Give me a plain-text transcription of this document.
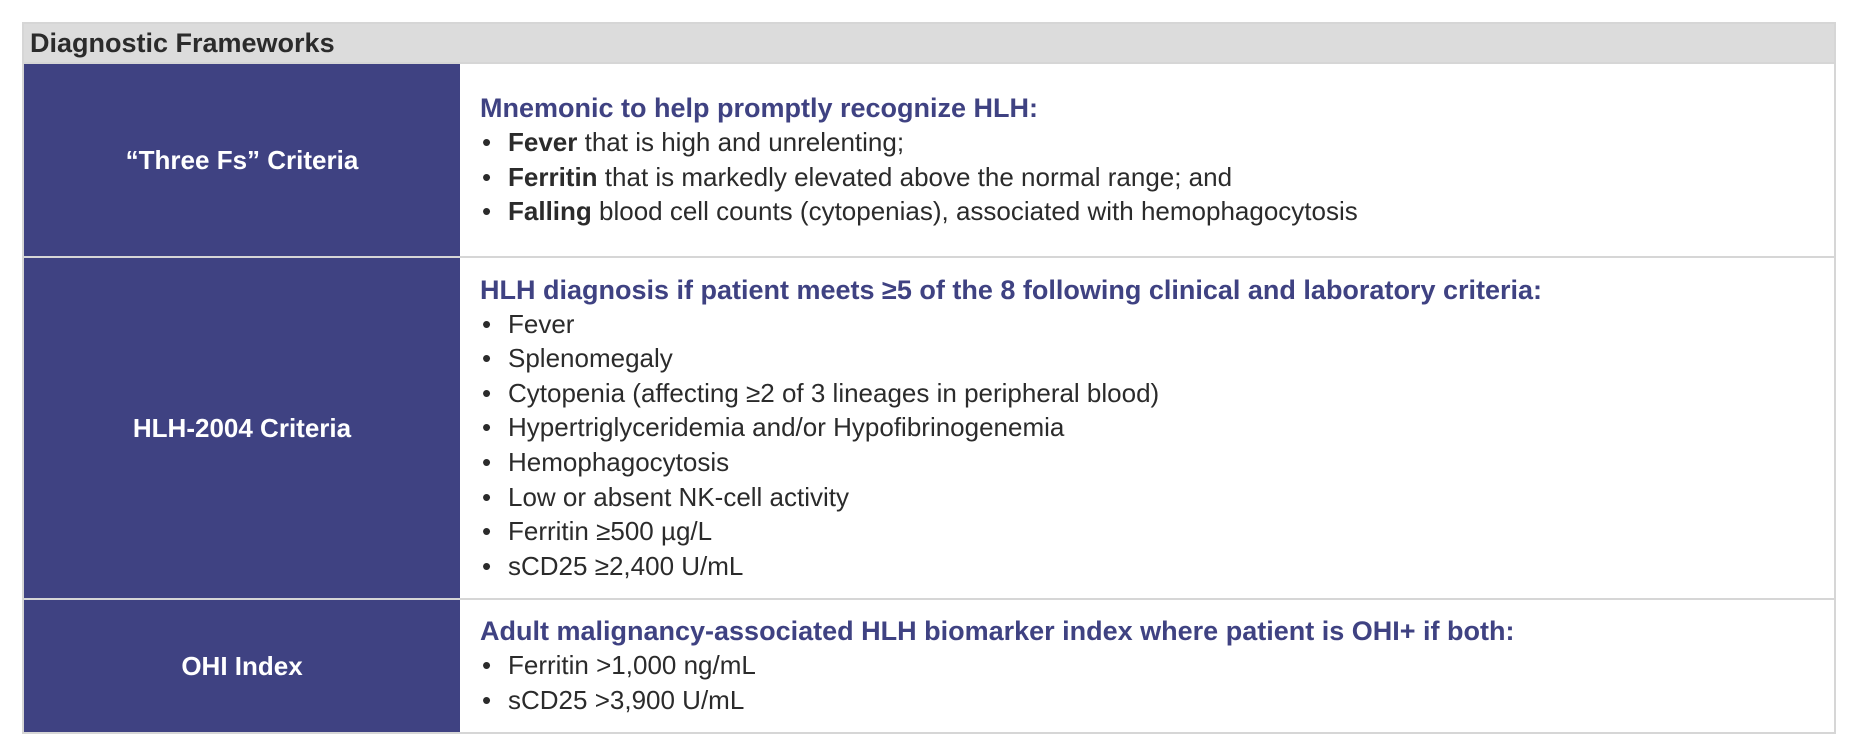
Diagnostic Frameworks
“Three Fs” Criteria
Mnemonic to help promptly recognize HLH:
• Fever that is high and unrelenting;
• Ferritin that is markedly elevated above the normal range; and
• Falling blood cell counts (cytopenias), associated with hemophagocytosis
HLH-2004 Criteria
HLH diagnosis if patient meets ≥5 of the 8 following clinical and laboratory criteria:
• Fever
• Splenomegaly
• Cytopenia (affecting ≥2 of 3 lineages in peripheral blood)
• Hypertriglyceridemia and/or Hypofibrinogenemia
• Hemophagocytosis
• Low or absent NK-cell activity
• Ferritin ≥500 µg/L
• sCD25 ≥2,400 U/mL
OHI Index
Adult malignancy-associated HLH biomarker index where patient is OHI+ if both:
• Ferritin >1,000 ng/mL
• sCD25 >3,900 U/mL
